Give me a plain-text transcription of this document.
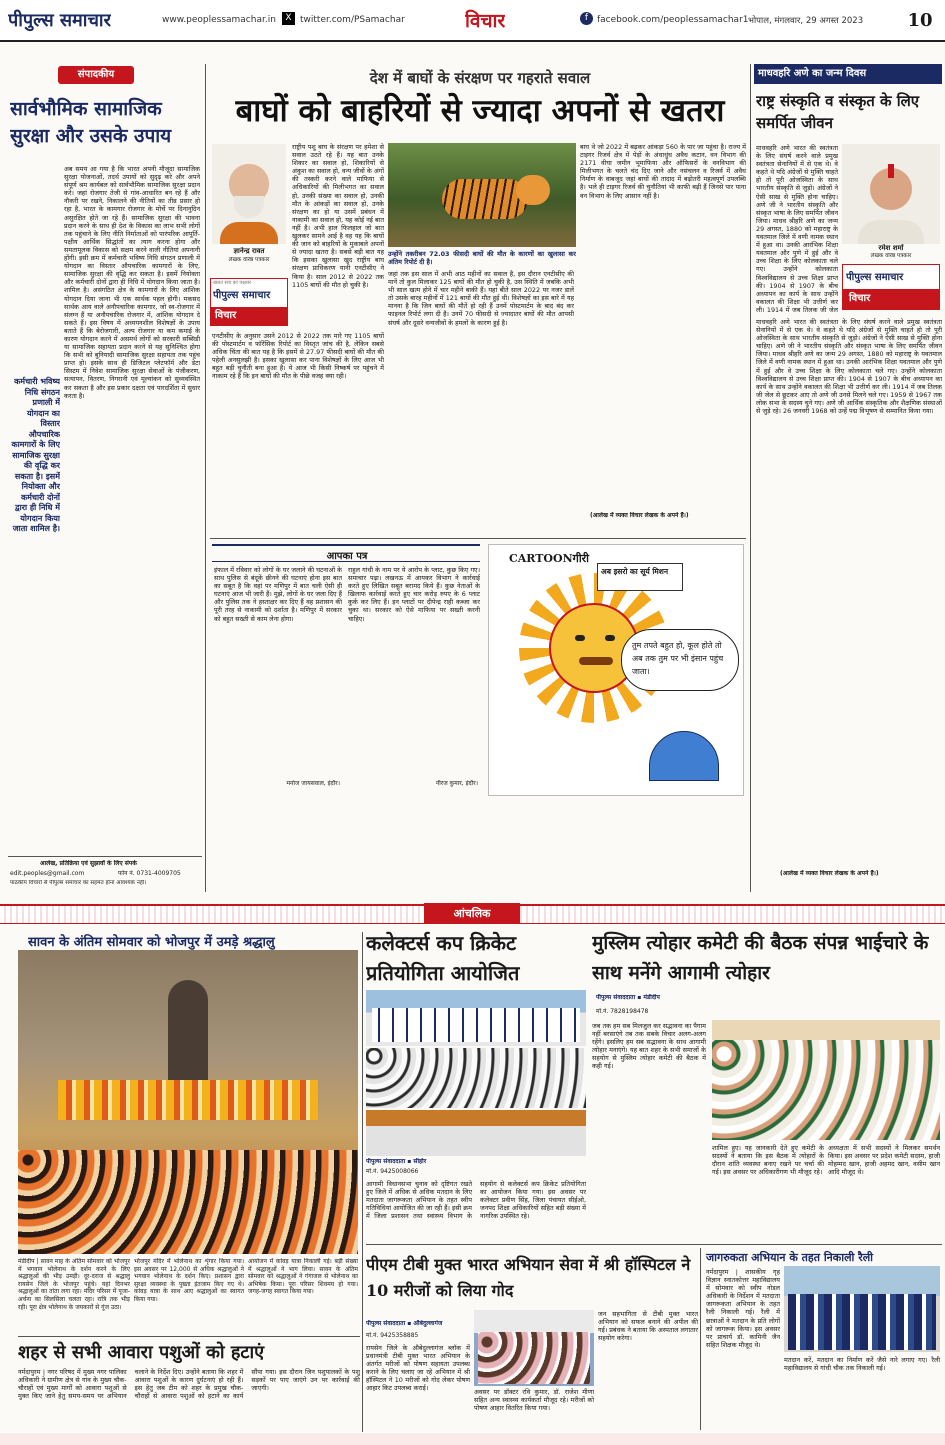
पीपुल्स समाचार	www.peoplessamachar.in	X twitter.com/PSamachar	विचार	f facebook.com/peoplessamachar1 भोपाल, मंगलवार, 29 अगस्त 2023	10
संपादकीय
सार्वभौमिक सामाजिक सुरक्षा और उसके उपाय
अब समय आ गया है कि भारत अपनी मौजूदा सामाजिक सुरक्षा योजनाओं, तदर्थ उपायों को सुदृढ़ करे और अपने संपूर्ण श्रम कार्यबल को सार्वभौमिक सामाजिक सुरक्षा प्रदान करे। जहां रोजगार तेजी से गांव-आधारित बन रहे हैं और नौकरी पर रखने, निकालने की नीतियों का तीव्र प्रसार हो रहा है, भारत के कामगार रोजगार के मोर्चे पर दिनानुदिन असुरक्षित होते जा रहे हैं। सामाजिक सुरक्षा की भावना प्रदान करने के साथ ही देश के विकास का लाभ सभी लोगों तक पहुंचाने के लिए नीति निर्माताओं को पारंपरिक आपूर्ति-पक्षीय आर्थिक सिद्धांतों का त्याग करना होगा और समतामूलक विकास को सक्षम करने वाली नीतियां अपनानी होंगी। इसी क्रम में कर्मचारी भविष्य निधि संगठन प्रणाली में योगदान का विस्तार औपचारिक कामगारों के लिए, सामाजिक सुरक्षा की वृद्धि कर सकता है। इसमें नियोक्ता और कर्मचारी दोनों द्वारा ही निधि में योगदान किया जाता है। शामिल है। असंगठित क्षेत्र के कामगारों के लिए आंशिक योगदान दिया जाना भी एक सार्थक पहल होगी। मकसद सार्थक आय वाले अनौपचारिक कामगार, जो स्व-रोजगार में संलग्न हैं या अनौपचारिक रोजगार में, आंशिक योगदान दे सकते हैं। इस विषय में अध्ययनशील विशेषज्ञों के उपाय बताते हैं कि बेरोजगारी, अल्प रोजगार या कम कमाई के कारण योगदान करने में असमर्थ लोगों को सरकारी सब्सिडी या सामाजिक सहायता प्रदान करने से यह सुनिश्चित होगा कि सभी को बुनियादी सामाजिक सुरक्षा सहायता तक पहुंच प्राप्त हो। इसके साथ ही डिजिटल प्लेटफॉर्म और डेटा सिस्टम में निवेश सामाजिक सुरक्षा सेवाओं के पंजीकरण, सत्यापन, वितरण, निगरानी एवं मूल्यांकन को सुव्यवस्थित कर सकता है और इस प्रकार दक्षता एवं पारदर्शिता में सुधार करता है।
कर्मचारी भविष्य निधि संगठन प्रणाली में योगदान का विस्तार औपचारिक कामगारों के लिए सामाजिक सुरक्षा की वृद्धि कर सकता है। इसमें नियोक्ता और कर्मचारी दोनों द्वारा ही निधि में योगदान किया जाता शामिल है।
आलेख, प्रतिक्रिया एवं सुझावों के लिए संपर्क
edit.peoples@gmail.com	फोन नं. 0731-4009705
पाठकीय विचारों से पीपुल्स समाचार का सहमत होना आवश्यक नहीं।
देश में बाघों के संरक्षण पर गहराते सवाल
बाघों को बाहरियों से ज्यादा अपनों से खतरा
ज्ञानेन्द्र रावत
लेखक वरिष्ठ पत्रकार
ख्यात सच का पक्षधर
पीपुल्स समाचार
विचार
राष्ट्रीय पशु बाघ के संरक्षण पर हमेशा से सवाल उठते रहे हैं। यह बात उनके शिकार का सवाल हो, शिकारियों से अंकुश का सवाल हो, वन्य जीवों के अंगों की तस्करी करने वाले माफिया से अधिकारियों की मिलीभगत का सवाल हो, उनकी संख्या का सवाल हो, उनकी मौत के आंकड़ों का सवाल हो, उनके संरक्षण का हो या उसमें प्रबंधन में नाकामी का सवाल हो, यह कोई नई बात नहीं है। अभी हाल फिलहाल जो बात खुलकर सामने आई है वह यह कि बाघों की जान को बाहरियों के मुकाबले अपनों से ज्यादा खतरा है। सबसे बड़ी बात यह कि इसका खुलासा खुद राष्ट्रीय बाघ संरक्षण प्राधिकरण यानी एनटीसीए ने किया है। साल 2012 से 2022 तक 1105 बाघों की मौत हो चुकी है।
एनटीसीए के अनुसार उसने 2012 से 2022 तक मारे गए 1105 बाघों की पोस्टमार्टम व फॉरेंसिक रिपोर्ट का विस्तृत जांच की है, लेकिन सबसे अधिक चिंता की बात यह है कि इसमें से 27.97 फीसदी बाघों की मौत की पहेली अनसुलझी है। इसका खुलासा कर पाना विशेषज्ञों के लिए आज भी बहुत बड़ी चुनौती बना हुआ है। ये आज भी किसी निष्कर्ष पर पहुंचने में नाकाम रहे हैं कि इन बाघों की मौत के पीछे वजह क्या रही।
उन्होंने तकरीबन 72.03 फीसदी बाघों की मौत के कारणों का खुलासा कर अंतिम रिपोर्ट दी है।
जहां तक इस साल में अभी आठ महीनों का सवाल है, इस दौरान एनटीसीए की मानें तो कुल मिलाकर 125 बाघों की मौत हो चुकी है, उस स्थिति में जबकि अभी भी साल खत्म होने में चार महीने बाकी हैं। यहां बीते साल 2022 पर नजर डालें तो उसके बारह महीनों में 121 बाघों की मौत हुई थी। विशेषज्ञों का इस बारे में यह मानना है कि जिन बाघों की मौतें हो रही हैं उनमें पोस्टमार्टम के बाद बंद कर फाइनल रिपोर्ट लगा दी है। उनमें 70 फीसदी से ज्यादातर बाघों की मौत आपसी संघर्ष और दूसरे वन्यजीवों के हमलों के कारण हुई है।
बाघ थे जो 2022 में बढ़कर आंकड़ा 560 के पार जा पहुंचा है। राज्य में टाइगर रिजर्व क्षेत्र में पेड़ों के अंधाधुंध अवैध कटान, वन विभाग की 2171 वीघा जमीन भूमाफिया और ऑफिसरों के वनविभाग की मिलीभगत के चलते चंद दिए जाने और नसंचलन व रिजर्व में अवैध निर्माण के वाबजूद जहां बाघों की तादाद में बढ़ोतरी महत्वपूर्ण उपलब्धि है। भले ही टाइगर रिजर्व की चुनौतियां भी काफी बढ़ी हैं जिनसे पार पाना वन विभाग के लिए आसान नहीं है।
(आलेख में व्यक्त विचार लेखक के अपने हैं।)
माधवहरि अणे का जन्म दिवस
राष्ट्र संस्कृति व संस्कृत के लिए समर्पित जीवन
रमेश शर्मा
लेखक वरिष्ठ पत्रकार
पीपुल्स समाचार
विचार
माधवहरि अणे भारत की स्वतंत्रता के लिए संघर्ष करने वाले प्रमुख स्वतंत्रता सेनानियों में से एक थे। वे कहते थे यदि अंग्रेजों से मुक्ति चाहते हो तो पूरी ओजस्विता के साथ भारतीय संस्कृति से जुड़ो। अंग्रेजों ने ऐसी साख से मुक्ति होना चाहिए। अणे जी ने भारतीय संस्कृति और संस्कृत भाषा के लिए समर्पित जीवन जिया। माधव श्रीहरि अणे का जन्म 29 अगस्त, 1880 को महाराष्ट्र के यवतमाल जिले में वणी नामक स्थान में हुआ था। उनकी आरंभिक शिक्षा यवतमाल और पुणे में हुई और वे उच्च शिक्षा के लिए कोलकाता चले गए। उन्होंने कोलकाता विश्वविद्यालय से उच्च शिक्षा प्राप्त की। 1904 से 1907 के बीच अध्यापन का कार्य के साथ उन्होंने वकालत की शिक्षा भी उत्तीर्ण कर ली। 1914 में जब तिलक जी जेल
माधवहरि अणे भारत की स्वतंत्रता के लिए संघर्ष करने वाले प्रमुख स्वतंत्रता सेनानियों में से एक थे। वे कहते थे यदि अंग्रेजों से मुक्ति चाहते हो तो पूरी ओजस्विता के साथ भारतीय संस्कृति से जुड़ो। अंग्रेजों ने ऐसी साख से मुक्ति होना चाहिए। अणे जी ने भारतीय संस्कृति और संस्कृत भाषा के लिए समर्पित जीवन जिया। माधव श्रीहरि अणे का जन्म 29 अगस्त, 1880 को महाराष्ट्र के यवतमाल जिले में वणी नामक स्थान में हुआ था। उनकी आरंभिक शिक्षा यवतमाल और पुणे में हुई और वे उच्च शिक्षा के लिए कोलकाता चले गए। उन्होंने कोलकाता विश्वविद्यालय से उच्च शिक्षा प्राप्त की। 1904 से 1907 के बीच अध्यापन का कार्य के साथ उन्होंने वकालत की शिक्षा भी उत्तीर्ण कर ली। 1914 में जब तिलक जी जेल से छूटकर आए तो अणे जी उनसे मिलने चले गए। 1959 से 1967 तक लोक सभा के सदस्य चुने गए। अणे जी आर्थिक संस्कृतिक और शैक्षणिक संस्थाओं से जुड़े रहे। 26 जनवरी 1968 को उन्हें पद्म विभूषण से सम्मानित किया गया।
(आलेख में व्यक्त विचार लेखक के अपने हैं।)
आपका पत्र
इंफाल में रविवार को लोगों के घर जलाने की घटनाओं के साथ पुलिस से बंदूकें छीनने की घटनाएं होना इस बात का सबूत है कि वहां पर मणिपुर में बात चली ऐसी ही घटनाएं आज भी जारी हैं। मुझे, लोगों के घर जला दिए हैं और पुलिस तक ने हस्ताक्षर कर दिए हैं वह प्रशासन की पूरी तरह से नाकामी को दर्शाता है। मणिपुर में सरकार को बहुत सख्ती से काम लेना होगा।
मनोज जायसवाल, इंदौर।
राहुल गांधी के नाम पर ये आरोप के प्लाट, कुछ किए गए। समाचार पढ़ा। लखनऊ में आयकर विभाग ने कार्रवाई करते हुए लिखित सबूत बरामद किये हैं। कुछ नेताओं के खिलाफ कार्रवाई करते हुए चार करोड़ रुपए के 6 प्लाट कुर्क कर लिए हैं। इन प्लाटों पर दीपेन्द्र राही कब्जा कर चुका था। सरकार को ऐसे माफिया पर सख्ती करनी चाहिए।
नीरज कुमार, इंदौर।
CARTOONगीरी
अब इसरो का सूर्य मिशन
तुम तपते बहुत हो, कूल होते तो अब तक तुम पर भी इंसान पहुंच जाता।
आंचलिक
सावन के अंतिम सोमवार को भोजपुर में उमड़े श्रद्धालु
मंडीदीप | सावन माह के अंतिम सोमवार को भोजपुर में भगवान भोलेनाथ के दर्शन करने के लिए श्रद्धालुओं की भीड़ उमड़ी। दूर-दराज से श्रद्धालु रायसेन जिले के भोजपुर पहुंचे। यहां दिनभर श्रद्धालुओं का तांता लगा रहा। मंदिर परिसर में पूजा-अर्चना का सिलसिला चलता रहा। रात्रि तक भीड़ रही। पूरा क्षेत्र भोलेनाथ के जयकारों से गूंज उठा।
भोजपुर मंदिर में भोलेनाथ का शृंगार किया गया। इस अवसर पर 12,000 से अधिक श्रद्धालुओं ने भगवान भोलेनाथ के दर्शन किए। प्रशासन द्वारा सुरक्षा व्यवस्था के पुख्ता इंतजाम किए गए थे। कांवड़ यात्रा के साथ आए श्रद्धालुओं का स्वागत किया गया।
आयोजन में कांवड़ यात्रा निकाली गई। बड़ी संख्या में श्रद्धालुओं ने भाग लिया। सावन के अंतिम सोमवार को श्रद्धालुओं ने गंगाजल से भोलेनाथ का अभिषेक किया। पूरा परिसर शिवमय हो गया। जगह-जगह स्वागत किया गया।
शहर से सभी आवारा पशुओं को हटाएं
नर्मदापुरम | नगर परिषद में मुख्य नगर पालिका अधिकारी ने ग्रामीण क्षेत्र से गांव के मुख्य चौक-चौराहों एवं मुख्य मार्गों को आवारा पशुओं से मुक्त किए जाने हेतु समय-समय पर अभियान चलाने के निर्देश दिए। उन्होंने बताया कि शहर में आवारा पशुओं के कारण दुर्घटनाएं हो रही हैं। इस हेतु जब टीम को शहर के प्रमुख चौक-चौराहों से आवारा पशुओं को हटाने का कार्य सौंपा गया। इस दौरान जिन पशुपालकों के पशु सड़कों पर पाए जाएंगे उन पर कार्रवाई की जाएगी।
कलेक्टर्स कप क्रिकेट प्रतियोगिता आयोजित
पीपुल्स संवाददाता ▪ सीहोर
मो.नं. 9425008066
आगामी विधानसभा चुनाव को दृष्टिगत रखते हुए जिले में अधिक से अधिक मतदान के लिए मतदाता जागरूकता अभियान के तहत स्वीप गतिविधियां आयोजित की जा रही हैं। इसी क्रम में जिला प्रशासन तथा स्वास्थ्य विभाग के सहयोग से कलेक्टर्स कप क्रिकेट प्रतियोगिता का आयोजन किया गया। इस अवसर पर कलेक्टर प्रवीण सिंह, जिला पंचायत सीईओ, जनपद शिक्षा अधिकारियों सहित बड़ी संख्या में नागरिक उपस्थित रहे।
मुस्लिम त्योहार कमेटी की बैठक संपन्न भाईचारे के साथ मनेंगे आगामी त्योहार
पीपुल्स संवाददाता ▪ मंडीदीप
मो.नं. 7828198478
जब तक हम सब मिलजुल कर सद्भावना का पैगाम नहीं बरसाएंगे तब तक सबके विचार अलग-अलग रहेंगे। इसलिए हम सब सद्भावना के साथ आगामी त्योहार मनाएंगे। यह बात शहर के सभी समाजों के सहयोग से मुस्लिम त्योहार कमेटी की बैठक में कही गई।
शामिल हुए। यह जानकारी देते हुए कमेटी के सदस्यों ने बताया कि इस बैठक में त्योहारों के दौरान शांति व्यवस्था बनाए रखने पर चर्चा की गई। इस अवसर पर अधिकारीगण भी मौजूद रहे।
अध्यक्षता में सभी सदस्यों ने मिलकर समर्थन किया। इस अवसर पर प्रदेश कमेटी सदस्य, हाजी मोहम्मद खान, हाजी अहमद खान, वसीम खान आदि मौजूद थे।
पीएम टीबी मुक्त भारत अभियान सेवा में श्री हॉस्पिटल ने 10 मरीजों को लिया गोद
पीपुल्स संवाददाता ▪ औबेदुल्लागंज
मो.नं. 9425358885
रायसेन जिले के औबेदुल्लागंज ब्लॉक में प्रधानमंत्री टीबी मुक्त भारत अभियान के अंतर्गत मरीजों को पोषण सहायता उपलब्ध कराने के लिए चलाए जा रहे अभियान में श्री हॉस्पिटल ने 10 मरीजों को गोद लेकर पोषण आहार किट उपलब्ध कराई।	अवसर पर डॉक्टर रवि कुमार, डॉ. राजेश मीणा सहित अन्य स्वास्थ्य कार्यकर्ता मौजूद रहे। मरीजों को पोषण आहार वितरित किया गया।
जन सहभागिता से टीबी मुक्त भारत अभियान को सफल बनाने की अपील की गई। प्रबंधक ने बताया कि अस्पताल लगातार सहयोग करेगा।
जागरुकता अभियान के तहत निकाली रैली
नर्मदापुरम | शासकीय गृह विज्ञान स्नातकोत्तर महाविद्यालय में सोमवार को स्वीप नोडल अधिकारी के निर्देशन में मतदाता जागरूकता अभियान के तहत रैली निकाली गई। रैली में छात्राओं ने मतदान के प्रति लोगों को जागरूक किया। इस अवसर पर प्राचार्य डॉ. कामिनी जैन सहित शिक्षक मौजूद थे।
मतदान करें, मतदान का निर्माण करें जैसे नारे लगाए गए। रैली महाविद्यालय से गांधी चौक तक निकाली गई।
